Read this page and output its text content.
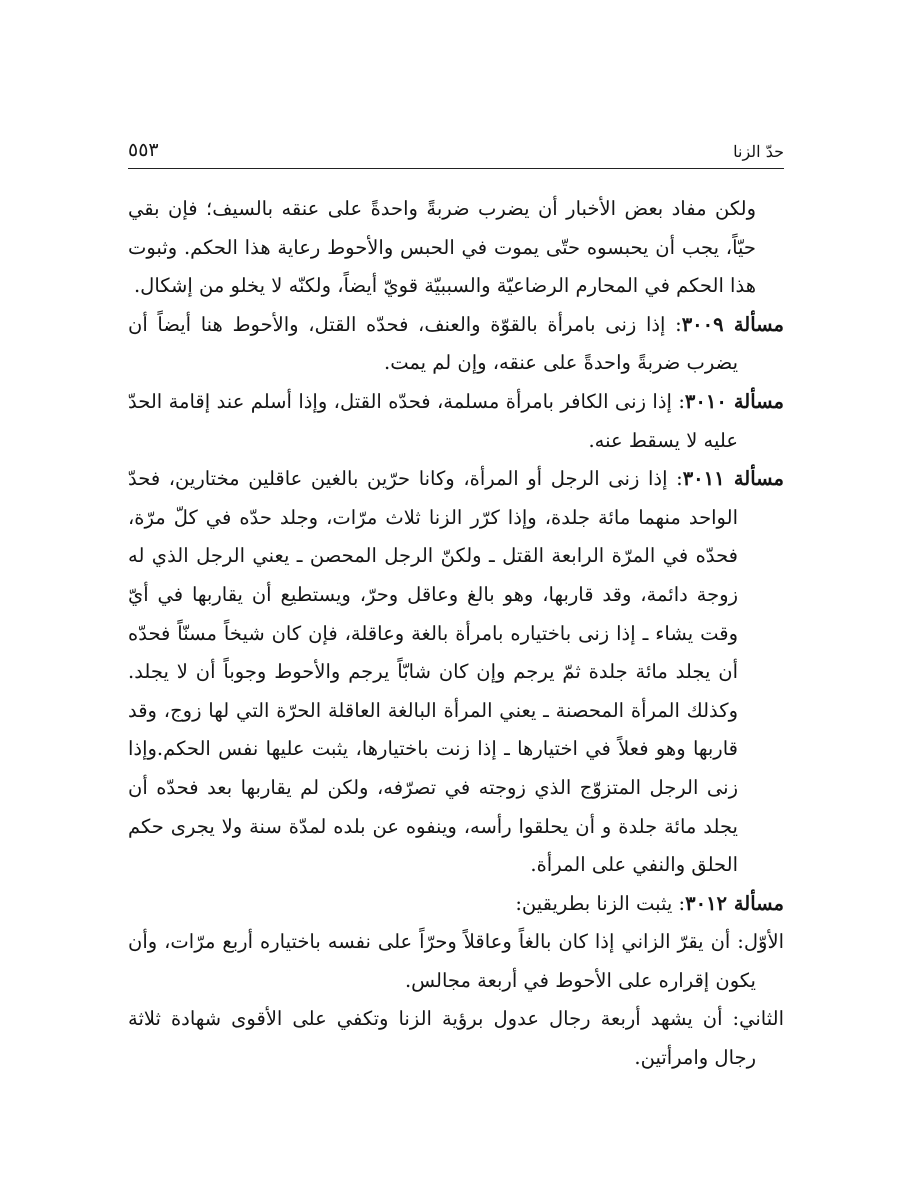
حدّ الزنا
٥٥٣

ولكن مفاد بعض الأخبار أن يضرب ضربةً واحدةً على عنقه بالسيف؛ فإن بقي حيّاً، يجب أن يحبسوه حتّى يموت في الحبس والأحوط رعاية هذا الحكم. وثبوت هذا الحكم في المحارم الرضاعيّة والسببيّة قويّ أيضاً، ولكنّه لا يخلو من إشكال.

مسألة ٣٠٠٩: إذا زنى بامرأة بالقوّة والعنف، فحدّه القتل، والأحوط هنا أيضاً أن يضرب ضربةً واحدةً على عنقه، وإن لم يمت.

مسألة ٣٠١٠: إذا زنى الكافر بامرأة مسلمة، فحدّه القتل، وإذا أسلم عند إقامة الحدّ عليه لا يسقط عنه.

مسألة ٣٠١١: إذا زنى الرجل أو المرأة، وكانا حرّين بالغين عاقلين مختارين، فحدّ الواحد منهما مائة جلدة، وإذا كرّر الزنا ثلاث مرّات، وجلد حدّه في كلّ مرّة، فحدّه في المرّة الرابعة القتل ـ ولكنّ الرجل المحصن ـ يعني الرجل الذي له زوجة دائمة، وقد قاربها، وهو بالغ وعاقل وحرّ، ويستطيع أن يقاربها في أيّ وقت يشاء ـ إذا زنى باختياره بامرأة بالغة وعاقلة، فإن كان شيخاً مسنّاً فحدّه أن يجلد مائة جلدة ثمّ يرجم وإن كان شابّاً يرجم والأحوط وجوباً أن لا يجلد. وكذلك المرأة المحصنة ـ يعني المرأة البالغة العاقلة الحرّة التي لها زوج، وقد قاربها وهو فعلاً في اختيارها ـ إذا زنت باختيارها، يثبت عليها نفس الحكم.وإذا زنى الرجل المتزوّج الذي زوجته في تصرّفه، ولكن لم يقاربها بعد فحدّه أن يجلد مائة جلدة و أن يحلقوا رأسه، وينفوه عن بلده لمدّة سنة ولا يجرى حكم الحلق والنفي على المرأة.

مسألة ٣٠١٢: يثبت الزنا بطريقين:

الأوّل: أن يقرّ الزاني إذا كان بالغاً وعاقلاً وحرّاً على نفسه باختياره أربع مرّات، وأن يكون إقراره على الأحوط في أربعة مجالس.

الثاني: أن يشهد أربعة رجال عدول برؤية الزنا وتكفي على الأقوى شهادة ثلاثة رجال وامرأتين.
